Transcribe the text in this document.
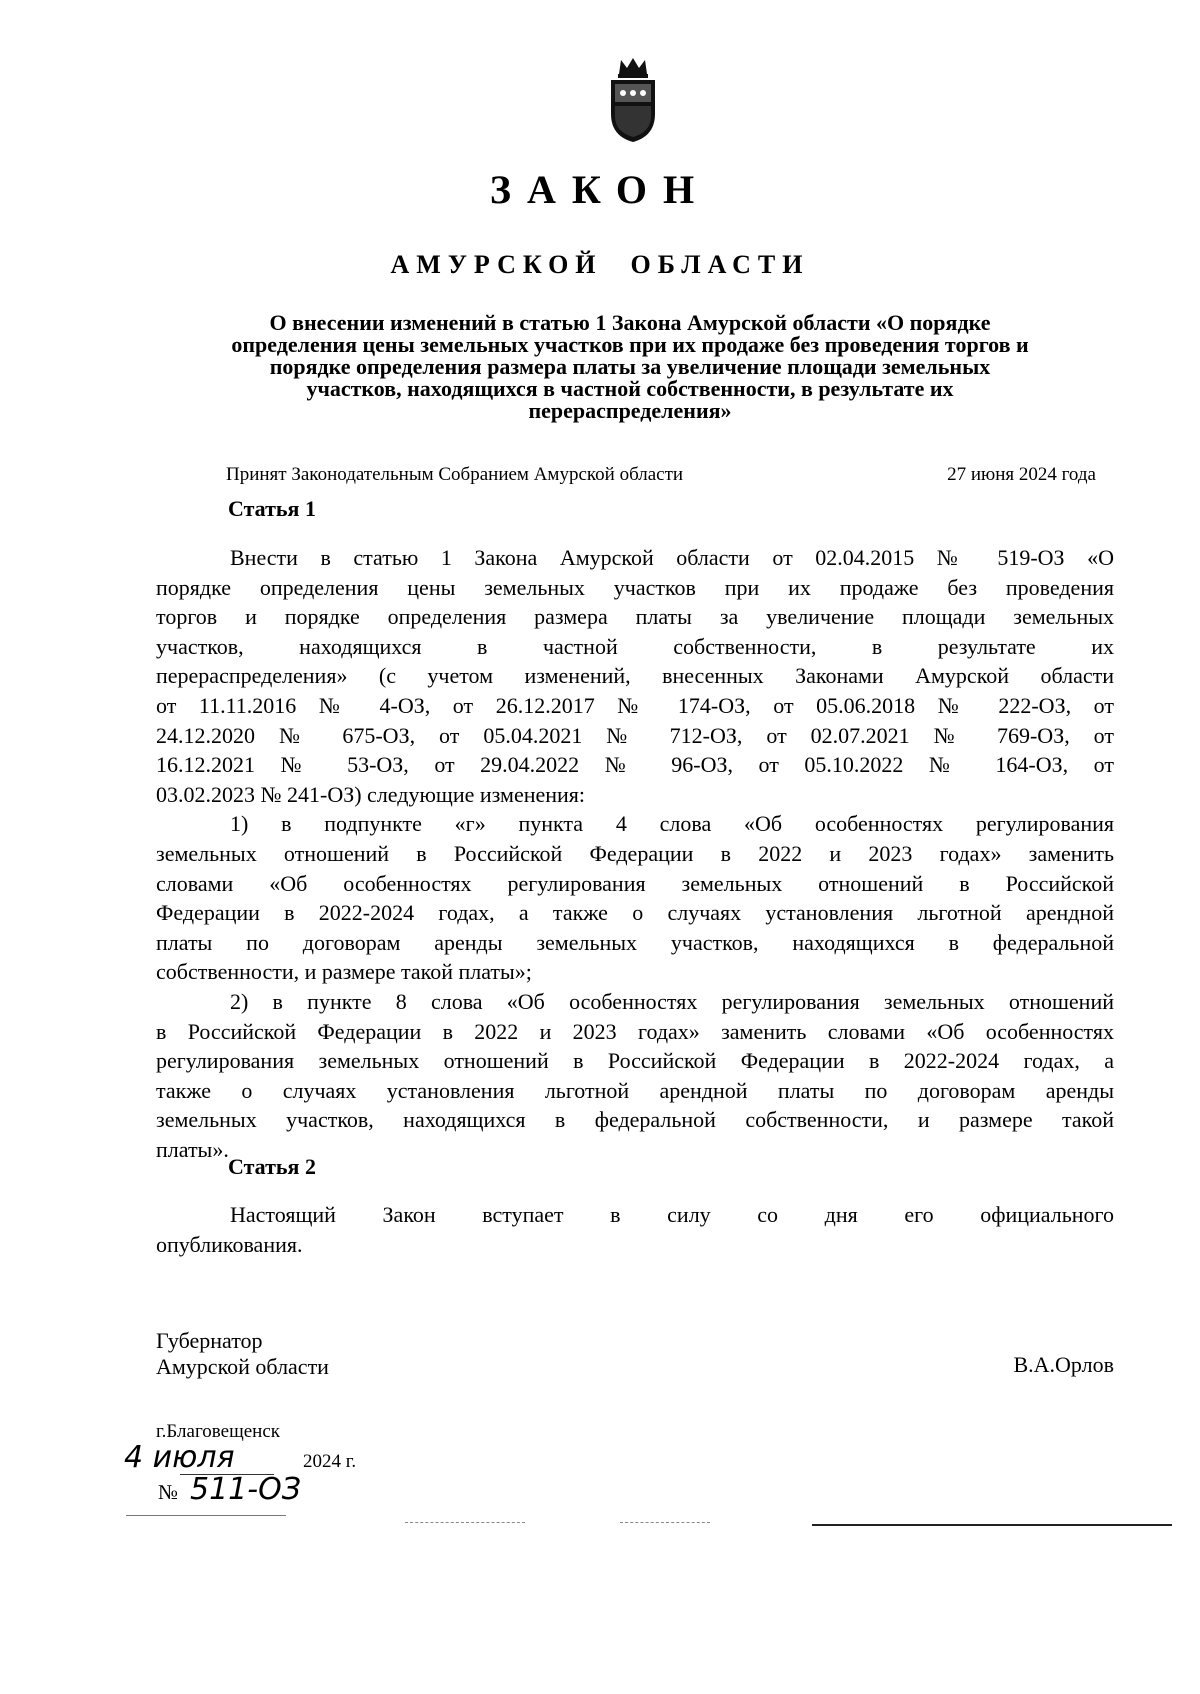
ЗАКОН
АМУРСКОЙ ОБЛАСТИ
О внесении изменений в статью 1 Закона Амурской области «О порядке
определения цены земельных участков при их продаже без проведения торгов и
порядке определения размера платы за увеличение площади земельных
участков, находящихся в частной собственности, в результате их
перераспределения»
Принят Законодательным Собранием Амурской области	27 июня 2024 года
Статья 1
Внести в статью 1 Закона Амурской области от 02.04.2015 № 519-ОЗ «О
порядке определения цены земельных участков при их продаже без проведения
торгов и порядке определения размера платы за увеличение площади земельных
участков, находящихся в частной собственности, в результате их
перераспределения» (с учетом изменений, внесенных Законами Амурской области
от 11.11.2016 № 4-ОЗ, от 26.12.2017 № 174-ОЗ, от 05.06.2018 № 222-ОЗ, от
24.12.2020 № 675-ОЗ, от 05.04.2021 № 712-ОЗ, от 02.07.2021 № 769-ОЗ, от
16.12.2021 № 53-ОЗ, от 29.04.2022 № 96-ОЗ, от 05.10.2022 № 164-ОЗ, от
03.02.2023 № 241-ОЗ) следующие изменения:
1) в подпункте «г» пункта 4 слова «Об особенностях регулирования
земельных отношений в Российской Федерации в 2022 и 2023 годах» заменить
словами «Об особенностях регулирования земельных отношений в Российской
Федерации в 2022-2024 годах, а также о случаях установления льготной арендной
платы по договорам аренды земельных участков, находящихся в федеральной
собственности, и размере такой платы»;
2) в пункте 8 слова «Об особенностях регулирования земельных отношений
в Российской Федерации в 2022 и 2023 годах» заменить словами «Об особенностях
регулирования земельных отношений в Российской Федерации в 2022-2024 годах, а
также о случаях установления льготной арендной платы по договорам аренды
земельных участков, находящихся в федеральной собственности, и размере такой
платы».
Статья 2
Настоящий Закон вступает в силу со дня его официального
опубликования.
Губернатор
Амурской области	В.А.Орлов
г.Благовещенск
4 июля	2024 г.
№ 511-ОЗ
